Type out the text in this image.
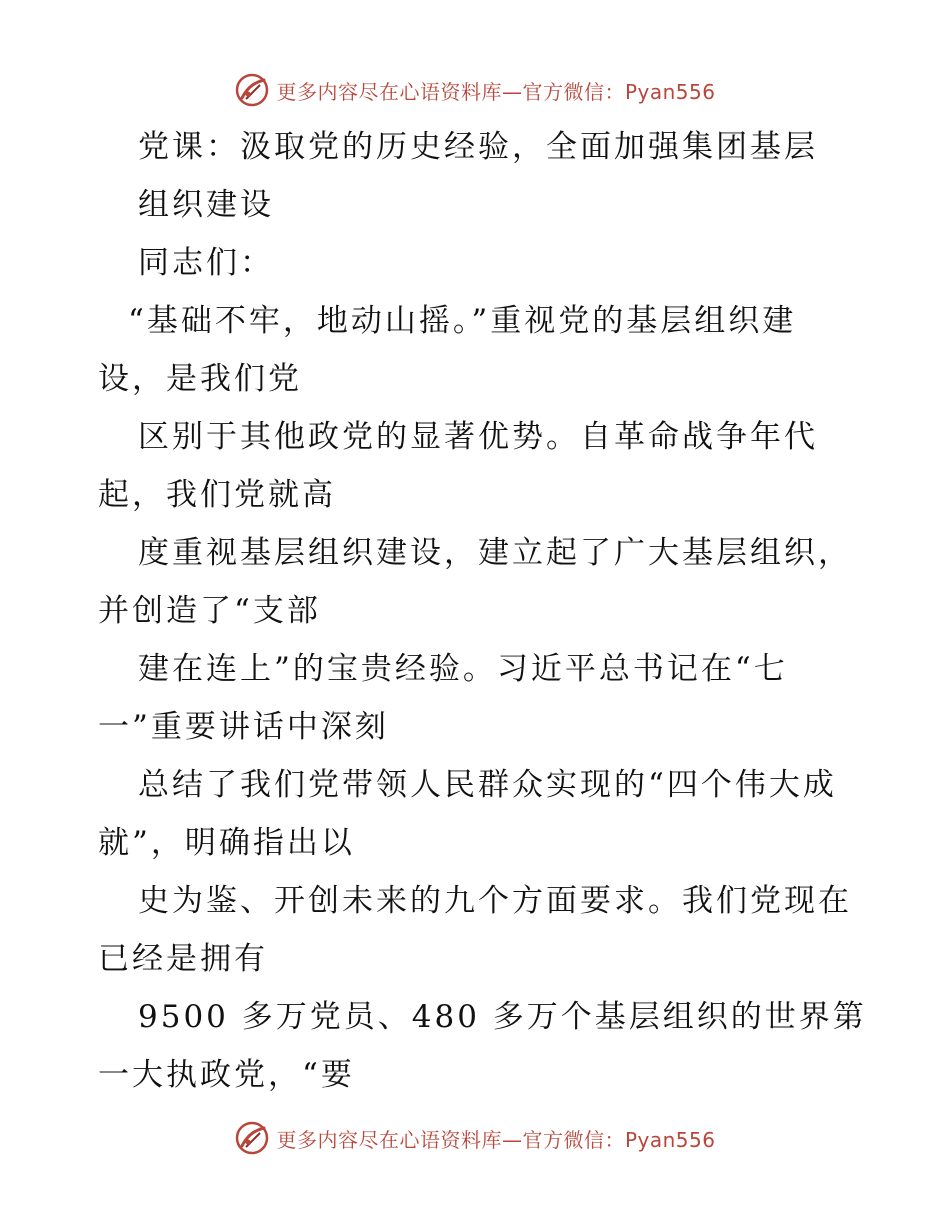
更多内容尽在心语资料库—官方微信：Pyan556
党课：汲取党的历史经验，全面加强集团基层
组织建设
同志们：
“基础不牢，地动山摇。”重视党的基层组织建
设，是我们党
区别于其他政党的显著优势。自革命战争年代
起，我们党就高
度重视基层组织建设，建立起了广大基层组织，
并创造了“支部
建在连上”的宝贵经验。习近平总书记在“七
一”重要讲话中深刻
总结了我们党带领人民群众实现的“四个伟大成
就”，明确指出以
史为鉴、开创未来的九个方面要求。我们党现在
已经是拥有
9500 多万党员、480 多万个基层组织的世界第
一大执政党，“要
更多内容尽在心语资料库—官方微信：Pyan556
